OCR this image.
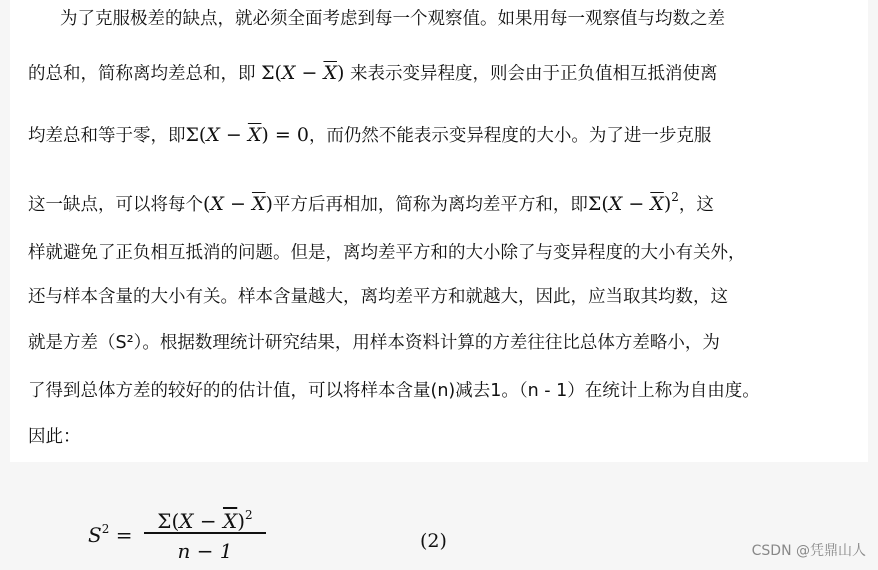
为了克服极差的缺点，就必须全面考虑到每一个观察值。如果用每一观察值与均数之差
的总和，简称离均差总和，即 $\Sigma(X - \overline{X})$ 来表示变异程度，则会由于正负值相互抵消使离
均差总和等于零，即$\Sigma(X - \overline{X}) = 0$，而仍然不能表示变异程度的大小。为了进一步克服
这一缺点，可以将每个$(X - \overline{X})$平方后再相加，简称为离均差平方和，即$\Sigma(X - \overline{X})^2$，这
样就避免了正负相互抵消的问题。但是，离均差平方和的大小除了与变异程度的大小有关外，
还与样本含量的大小有关。样本含量越大，离均差平方和就越大，因此，应当取其均数，这
就是方差（S²）。根据数理统计研究结果，用样本资料计算的方差往往比总体方差略小，为
了得到总体方差的较好的的估计值，可以将样本含量(n)减去1。（n - 1）在统计上称为自由度。
因此：
$S^2$ =
$\Sigma(X - \overline{X})^2$
n − 1	(2)	CSDN @凭鼎山人
